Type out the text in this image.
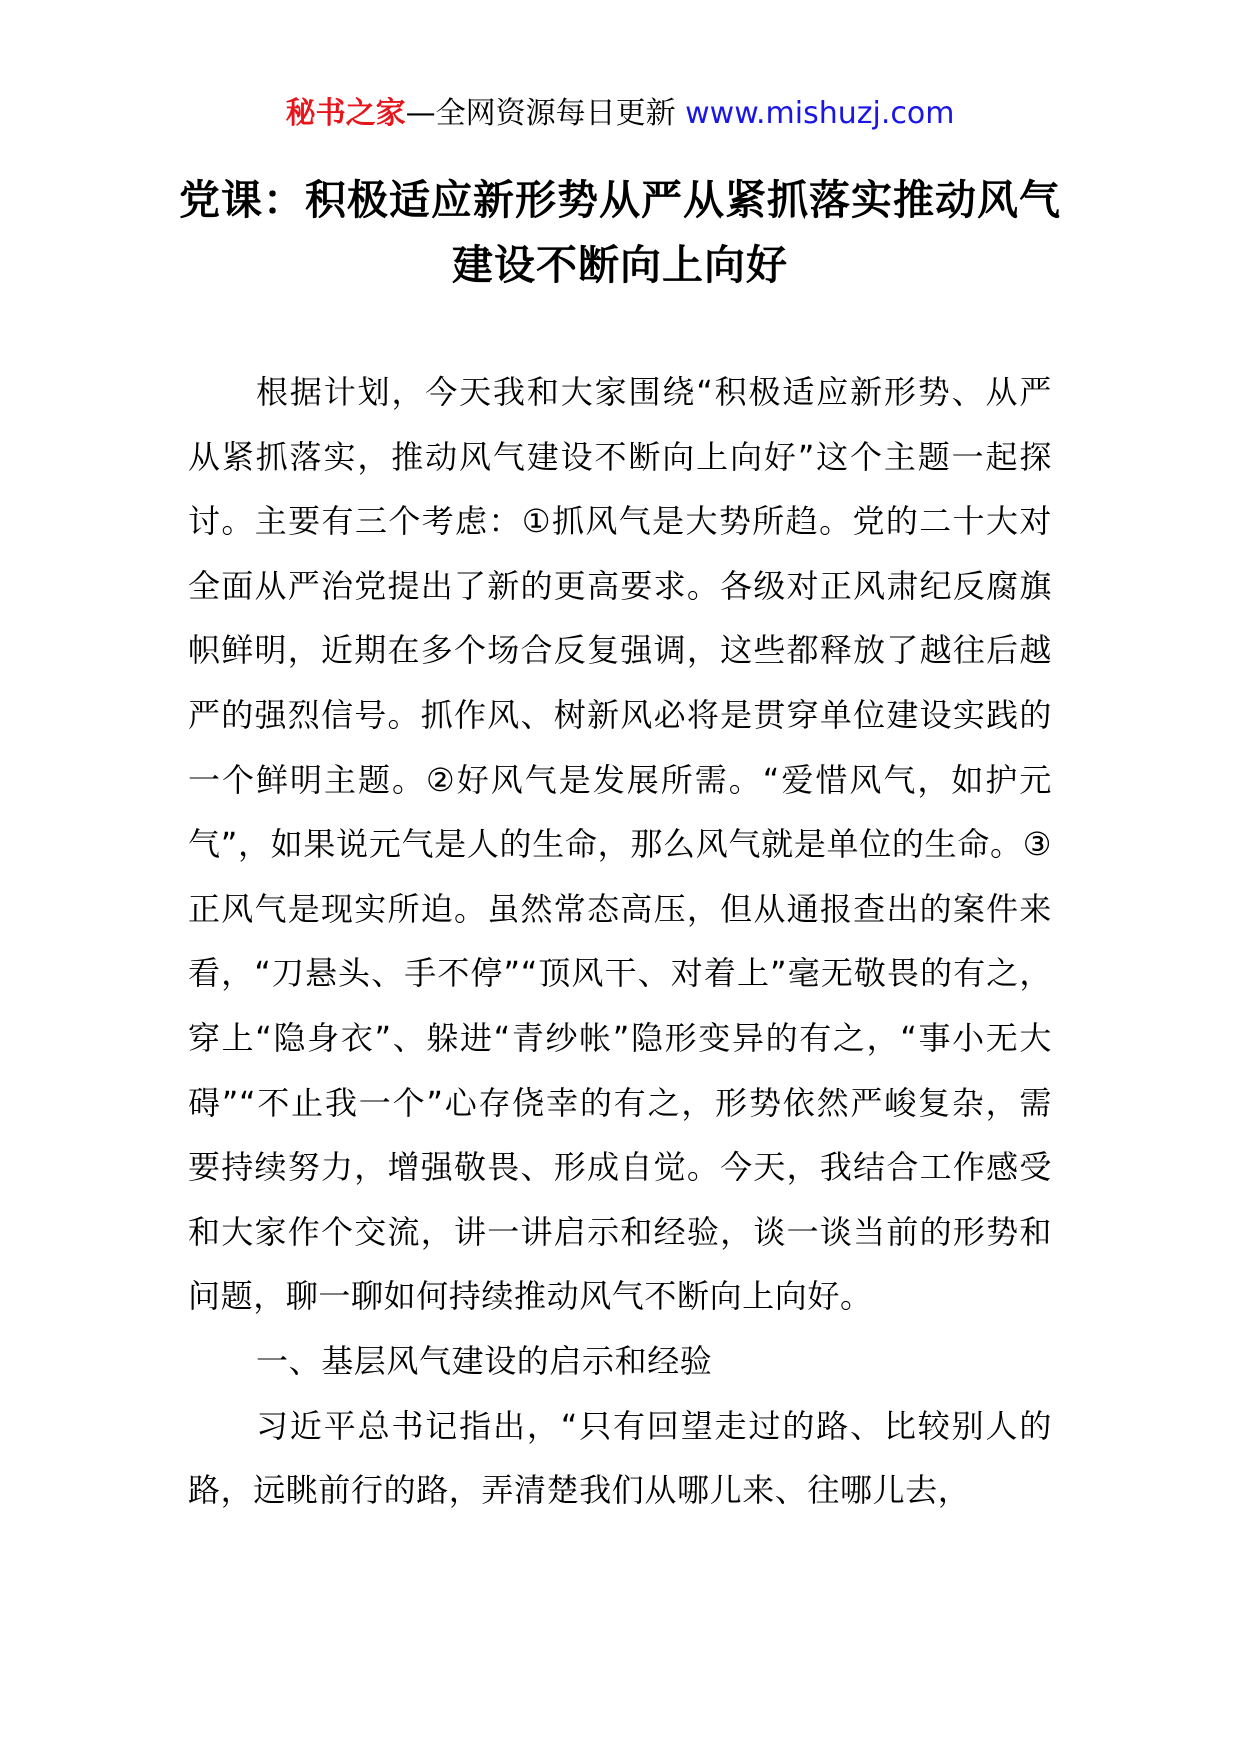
秘书之家—全网资源每日更新 www.mishuzj.com
党课：积极适应新形势从严从紧抓落实推动风气建设不断向上向好

根据计划，今天我和大家围绕“积极适应新形势、从严从紧抓落实，推动风气建设不断向上向好”这个主题一起探讨。主要有三个考虑：①抓风气是大势所趋。党的二十大对全面从严治党提出了新的更高要求。各级对正风肃纪反腐旗帜鲜明，近期在多个场合反复强调，这些都释放了越往后越严的强烈信号。抓作风、树新风必将是贯穿单位建设实践的一个鲜明主题。②好风气是发展所需。“爱惜风气，如护元气”，如果说元气是人的生命，那么风气就是单位的生命。③正风气是现实所迫。虽然常态高压，但从通报查出的案件来看，“刀悬头、手不停”“顶风干、对着上”毫无敬畏的有之，穿上“隐身衣”、躲进“青纱帐”隐形变异的有之，“事小无大碍”“不止我一个”心存侥幸的有之，形势依然严峻复杂，需要持续努力，增强敬畏、形成自觉。今天，我结合工作感受和大家作个交流，讲一讲启示和经验，谈一谈当前的形势和问题，聊一聊如何持续推动风气不断向上向好。

一、基层风气建设的启示和经验

习近平总书记指出，“只有回望走过的路、比较别人的路，远眺前行的路，弄清楚我们从哪儿来、往哪儿去，
